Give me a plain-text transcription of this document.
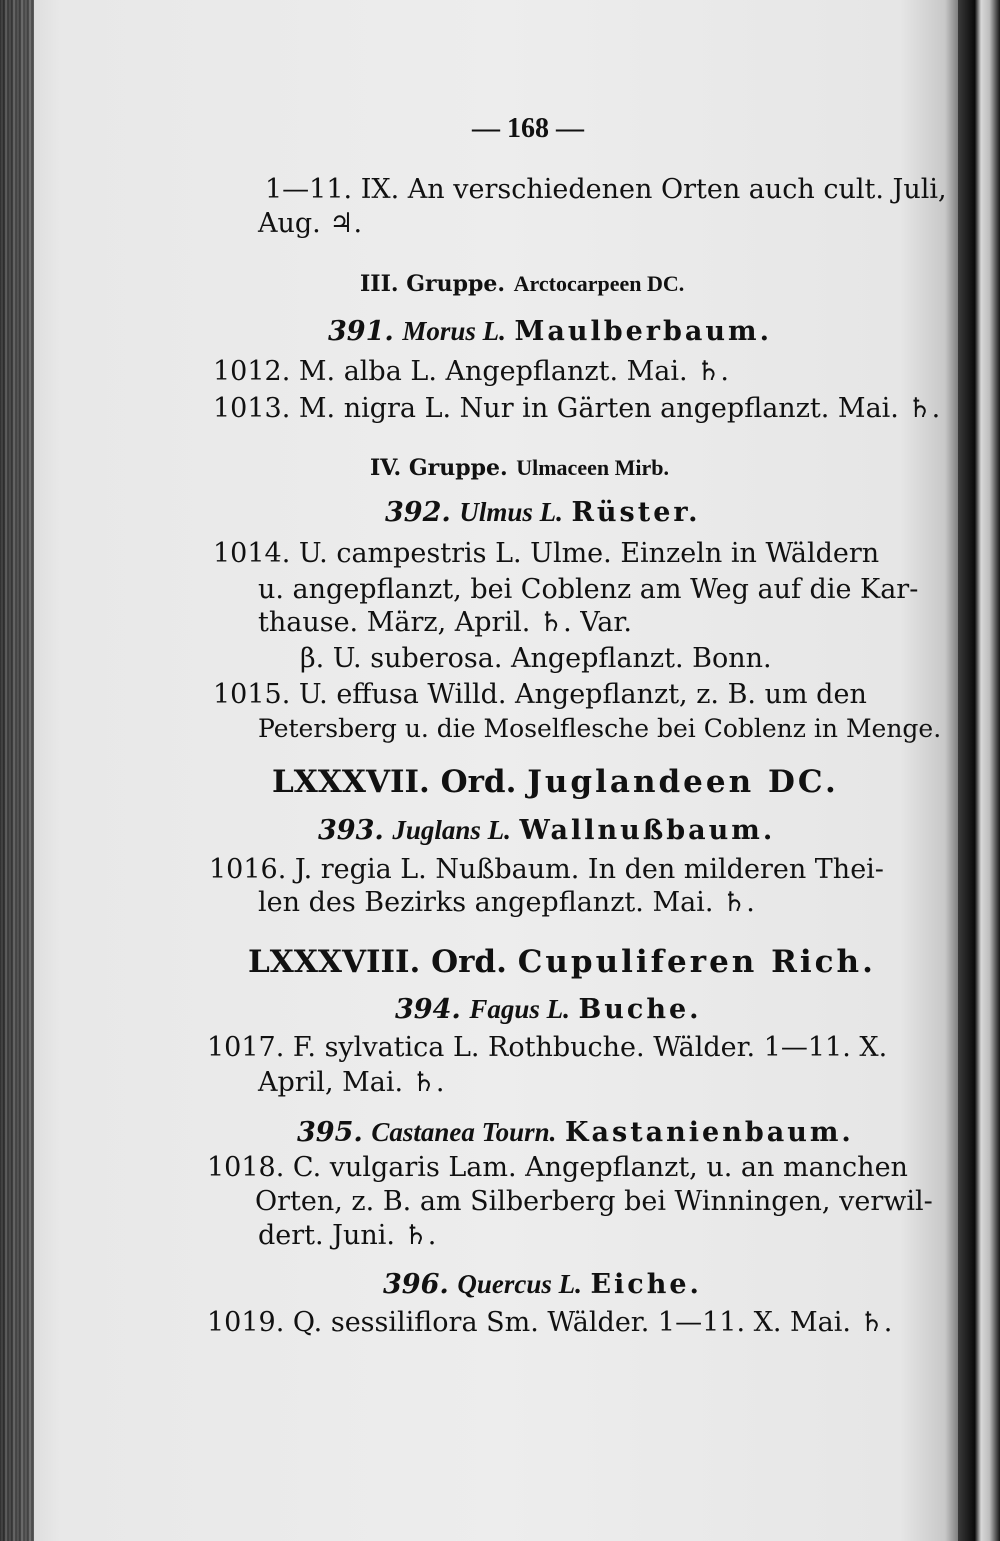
— 168 —
1—11. IX. An verschiedenen Orten auch cult. Juli,
Aug. ♃.
III. Gruppe. Arctocarpeen DC.
391. Morus L. Maulberbaum.
1012. M. alba L. Angepflanzt. Mai. ♄.
1013. M. nigra L. Nur in Gärten angepflanzt. Mai. ♄.
IV. Gruppe. Ulmaceen Mirb.
392. Ulmus L. Rüster.
1014. U. campestris L. Ulme. Einzeln in Wäldern
u. angepflanzt, bei Coblenz am Weg auf die Kar-
thause. März, April. ♄. Var.
β. U. suberosa. Angepflanzt. Bonn.
1015. U. effusa Willd. Angepflanzt, z. B. um den
Petersberg u. die Moselflesche bei Coblenz in Menge.
LXXXVII. Ord. Juglandeen DC.
393. Juglans L. Wallnußbaum.
1016. J. regia L. Nußbaum. In den milderen Thei-
len des Bezirks angepflanzt. Mai. ♄.
LXXXVIII. Ord. Cupuliferen Rich.
394. Fagus L. Buche.
1017. F. sylvatica L. Rothbuche. Wälder. 1—11. X.
April, Mai. ♄.
395. Castanea Tourn. Kastanienbaum.
1018. C. vulgaris Lam. Angepflanzt, u. an manchen
Orten, z. B. am Silberberg bei Winningen, verwil-
dert. Juni. ♄.
396. Quercus L. Eiche.
1019. Q. sessiliflora Sm. Wälder. 1—11. X. Mai. ♄.
